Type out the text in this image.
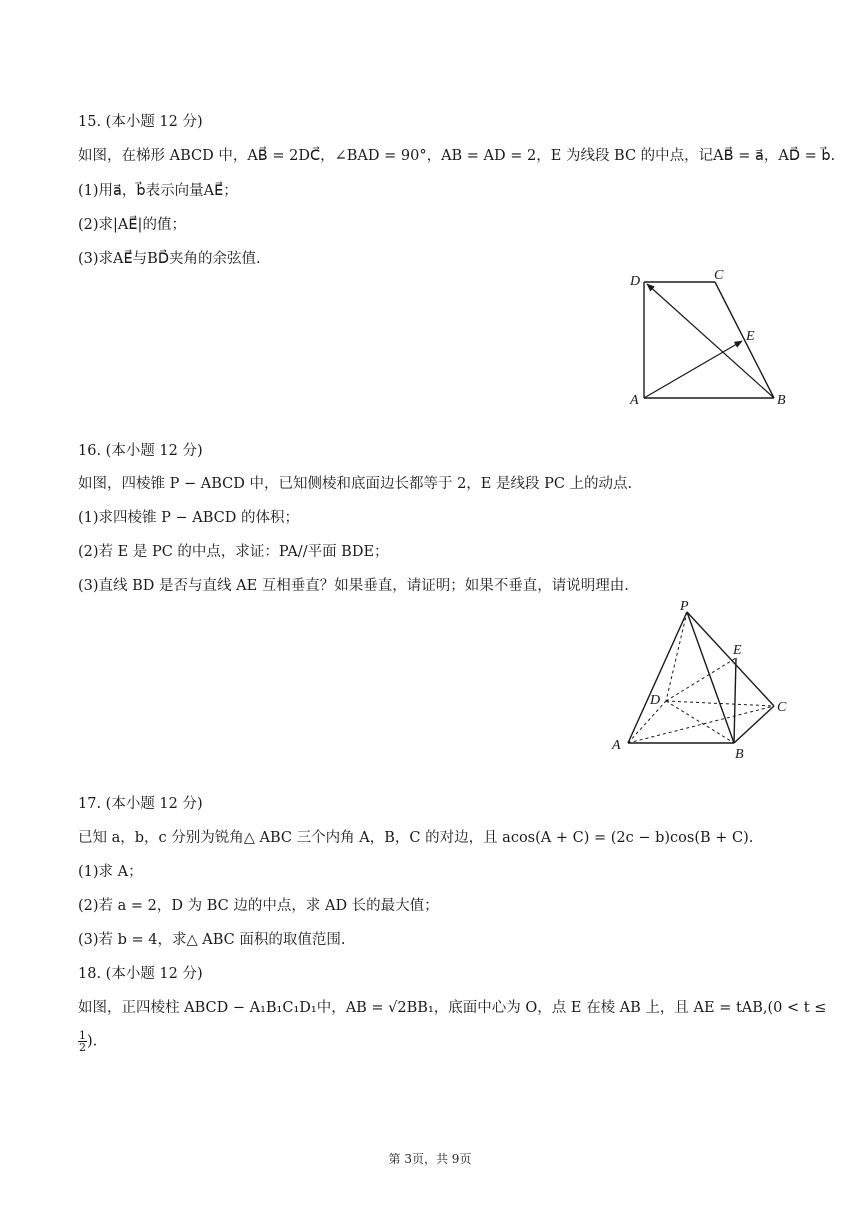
15. (本小题 12 分)
如图，在梯形 ABCD 中，AB⃗ = 2DC⃗，∠BAD = 90°，AB = AD = 2，E 为线段 BC 的中点，记AB⃗ = a⃗，AD⃗ = b⃗.
(1)用a⃗，b⃗表示向量AE⃗；
(2)求|AE⃗|的值；
(3)求AE⃗与BD⃗夹角的余弦值.
D	C
E
A	B
16. (本小题 12 分)
如图，四棱锥 P − ABCD 中，已知侧棱和底面边长都等于 2，E 是线段 PC 上的动点.
(1)求四棱锥 P − ABCD 的体积；
(2)若 E 是 PC 的中点，求证：PA//平面 BDE；
(3)直线 BD 是否与直线 AE 互相垂直？如果垂直，请证明；如果不垂直，请说明理由.
P
E
D	C
A
B
17. (本小题 12 分)
已知 a，b，c 分别为锐角△ ABC 三个内角 A，B，C 的对边，且 acos(A + C) = (2c − b)cos(B + C).
(1)求 A；
(2)若 a = 2，D 为 BC 边的中点，求 AD 长的最大值；
(3)若 b = 4，求△ ABC 面积的取值范围.
18. (本小题 12 分)
如图，正四棱柱 ABCD − A₁B₁C₁D₁中，AB = √2BB₁，底面中心为 O，点 E 在棱 AB 上，且 AE = tAB,(0 < t ≤
$\frac{1}{2}$ ).
第 3页，共 9页
